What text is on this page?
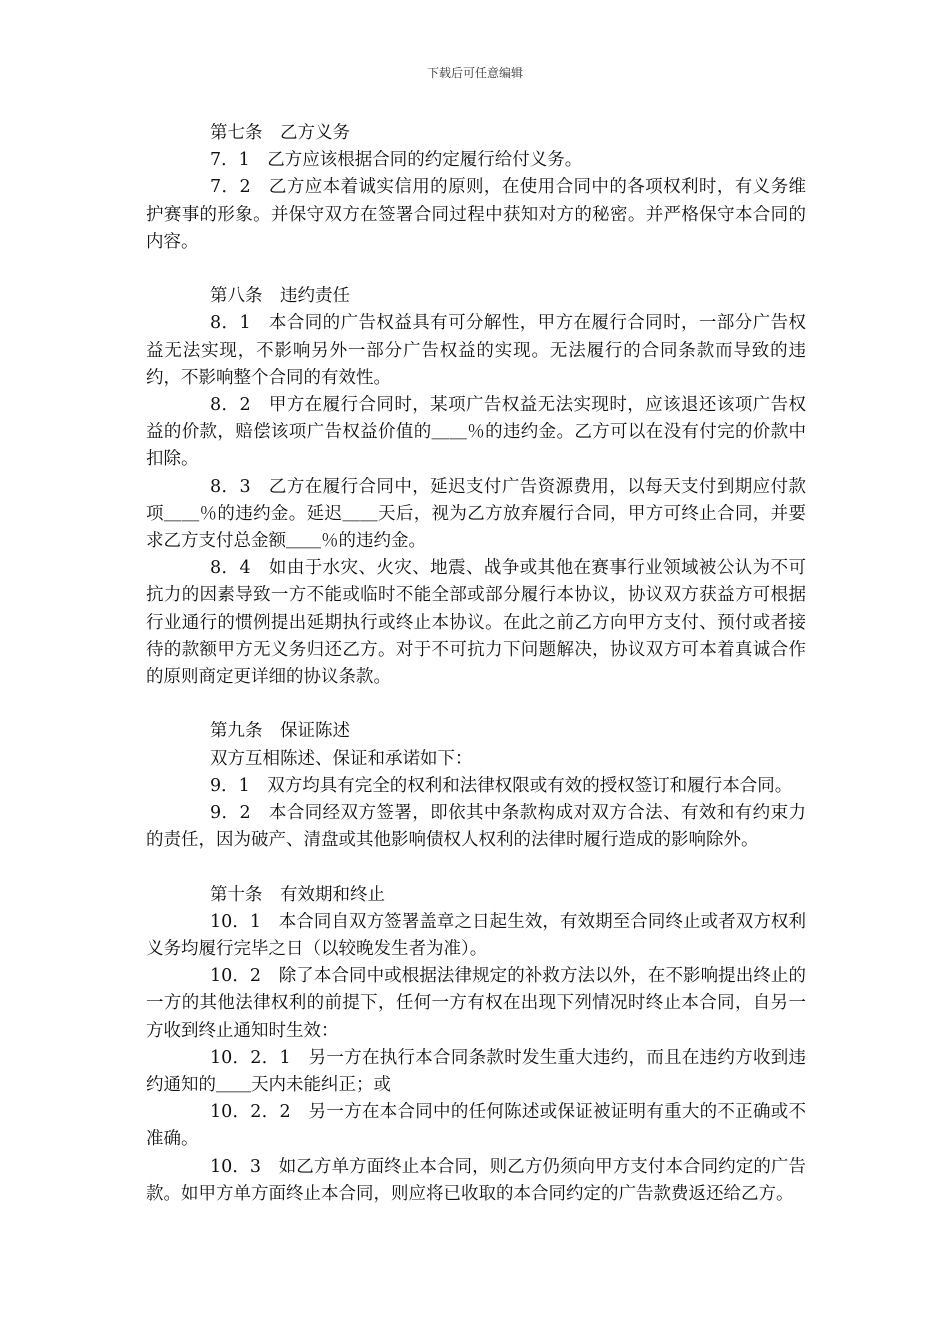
下载后可任意编辑
第七条　乙方义务
7．1　乙方应该根据合同的约定履行给付义务。
7．2　乙方应本着诚实信用的原则，在使用合同中的各项权利时，有义务维护赛事的形象。并保守双方在签署合同过程中获知对方的秘密。并严格保守本合同的内容。
第八条　违约责任
8．1　本合同的广告权益具有可分解性，甲方在履行合同时，一部分广告权益无法实现，不影响另外一部分广告权益的实现。无法履行的合同条款而导致的违约，不影响整个合同的有效性。
8．2　甲方在履行合同时，某项广告权益无法实现时，应该退还该项广告权益的价款，赔偿该项广告权益价值的＿＿％的违约金。乙方可以在没有付完的价款中扣除。
8．3　乙方在履行合同中，延迟支付广告资源费用，以每天支付到期应付款项＿＿％的违约金。延迟＿＿天后，视为乙方放弃履行合同，甲方可终止合同，并要求乙方支付总金额＿＿％的违约金。
8．4　如由于水灾、火灾、地震、战争或其他在赛事行业领域被公认为不可抗力的因素导致一方不能或临时不能全部或部分履行本协议，协议双方获益方可根据行业通行的惯例提出延期执行或终止本协议。在此之前乙方向甲方支付、预付或者接待的款额甲方无义务归还乙方。对于不可抗力下问题解决，协议双方可本着真诚合作的原则商定更详细的协议条款。
第九条　保证陈述
双方互相陈述、保证和承诺如下：
9．1　双方均具有完全的权利和法律权限或有效的授权签订和履行本合同。
9．2　本合同经双方签署，即依其中条款构成对双方合法、有效和有约束力的责任，因为破产、清盘或其他影响债权人权利的法律时履行造成的影响除外。
第十条　有效期和终止
10．1　本合同自双方签署盖章之日起生效，有效期至合同终止或者双方权利义务均履行完毕之日（以较晚发生者为准）。
10．2　除了本合同中或根据法律规定的补救方法以外，在不影响提出终止的一方的其他法律权利的前提下，任何一方有权在出现下列情况时终止本合同，自另一方收到终止通知时生效：
10．2．1　另一方在执行本合同条款时发生重大违约，而且在违约方收到违约通知的＿＿天内未能纠正；或
10．2．2　另一方在本合同中的任何陈述或保证被证明有重大的不正确或不准确。
10．3　如乙方单方面终止本合同，则乙方仍须向甲方支付本合同约定的广告款。如甲方单方面终止本合同，则应将已收取的本合同约定的广告款费返还给乙方。
